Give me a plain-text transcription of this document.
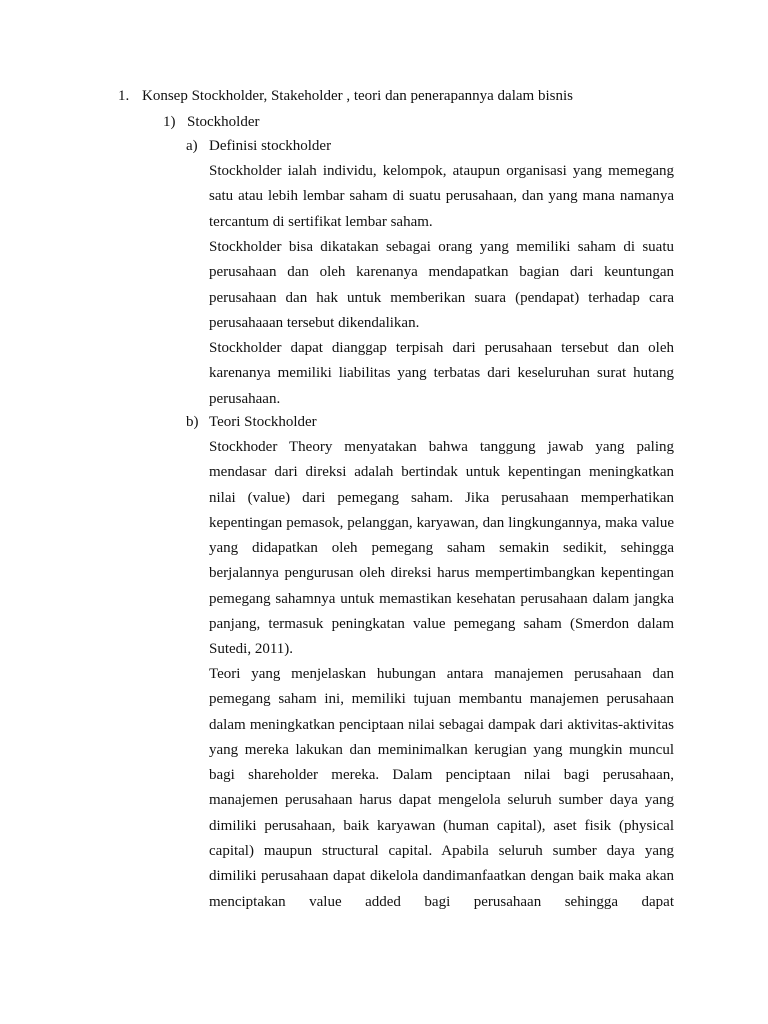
1. Konsep Stockholder, Stakeholder , teori dan penerapannya dalam bisnis
1) Stockholder
a) Definisi stockholder

Stockholder ialah individu, kelompok, ataupun organisasi yang memegang satu atau lebih lembar saham di suatu perusahaan, dan yang mana namanya tercantum di sertifikat lembar saham.

Stockholder bisa dikatakan sebagai orang yang memiliki saham di suatu perusahaan dan oleh karenanya mendapatkan bagian dari keuntungan perusahaan dan hak untuk memberikan suara (pendapat) terhadap cara perusahaaan tersebut dikendalikan.

Stockholder dapat dianggap terpisah dari perusahaan tersebut dan oleh karenanya memiliki liabilitas yang terbatas dari keseluruhan surat hutang perusahaan.

b) Teori Stockholder

Stockhoder Theory menyatakan bahwa tanggung jawab yang paling mendasar dari direksi adalah bertindak untuk kepentingan meningkatkan nilai (value) dari pemegang saham. Jika perusahaan memperhatikan kepentingan pemasok, pelanggan, karyawan, dan lingkungannya, maka value yang didapatkan oleh pemegang saham semakin sedikit, sehingga berjalannya pengurusan oleh direksi harus mempertimbangkan kepentingan pemegang sahamnya untuk memastikan kesehatan perusahaan dalam jangka panjang, termasuk peningkatan value pemegang saham (Smerdon dalam Sutedi, 2011).

Teori yang menjelaskan hubungan antara manajemen perusahaan dan pemegang saham ini, memiliki tujuan membantu manajemen perusahaan dalam meningkatkan penciptaan nilai sebagai dampak dari aktivitas-aktivitas yang mereka lakukan dan meminimalkan kerugian yang mungkin muncul bagi shareholder mereka. Dalam penciptaan nilai bagi perusahaan, manajemen perusahaan harus dapat mengelola seluruh sumber daya yang dimiliki perusahaan, baik karyawan (human capital), aset fisik (physical capital) maupun structural capital. Apabila seluruh sumber daya yang dimiliki perusahaan dapat dikelola dandimanfaatkan dengan baik maka akan menciptakan value added bagi perusahaan sehingga dapat
